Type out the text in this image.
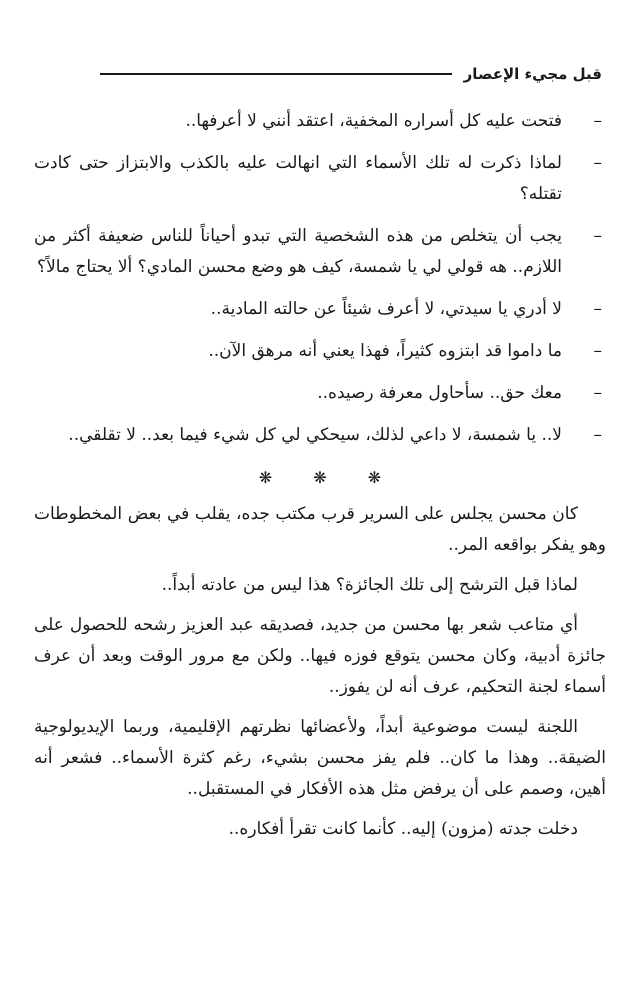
قبل مجيء الإعصار
–
فتحت عليه كل أسراره المخفية، اعتقد أنني لا أعرفها..
–
لماذا ذكرت له تلك الأسماء التي انهالت عليه بالكذب والابتزاز حتى كادت تقتله؟
–
يجب أن يتخلص من هذه الشخصية التي تبدو أحياناً للناس ضعيفة أكثر من اللازم.. هه قولي لي يا شمسة، كيف هو وضع محسن المادي؟ ألا يحتاج مالاً؟
–
لا أدري يا سيدتي، لا أعرف شيئاً عن حالته المادية..
–
ما داموا قد ابتزوه كثيراً، فهذا يعني أنه مرهق الآن..
–
معك حق.. سأحاول معرفة رصيده..
–
لا.. يا شمسة، لا داعي لذلك، سيحكي لي كل شيء فيما بعد.. لا تقلقي..
❋	❋	❋

كان محسن يجلس على السرير قرب مكتب جده، يقلب في بعض المخطوطات وهو يفكر بواقعه المر..

لماذا قبل الترشح إلى تلك الجائزة؟ هذا ليس من عادته أبداً..

أي متاعب شعر بها محسن من جديد، فصديقه عبد العزيز رشحه للحصول على جائزة أدبية، وكان محسن يتوقع فوزه فيها.. ولكن مع مرور الوقت وبعد أن عرف أسماء لجنة التحكيم، عرف أنه لن يفوز..

اللجنة ليست موضوعية أبداً، ولأعضائها نظرتهم الإقليمية، وربما الإيديولوجية الضيقة.. وهذا ما كان.. فلم يفز محسن بشيء، رغم كثرة الأسماء.. فشعر أنه أهين، وصمم على أن يرفض مثل هذه الأفكار في المستقبل..

دخلت جدته (مزون) إليه.. كأنما كانت تقرأ أفكاره..
